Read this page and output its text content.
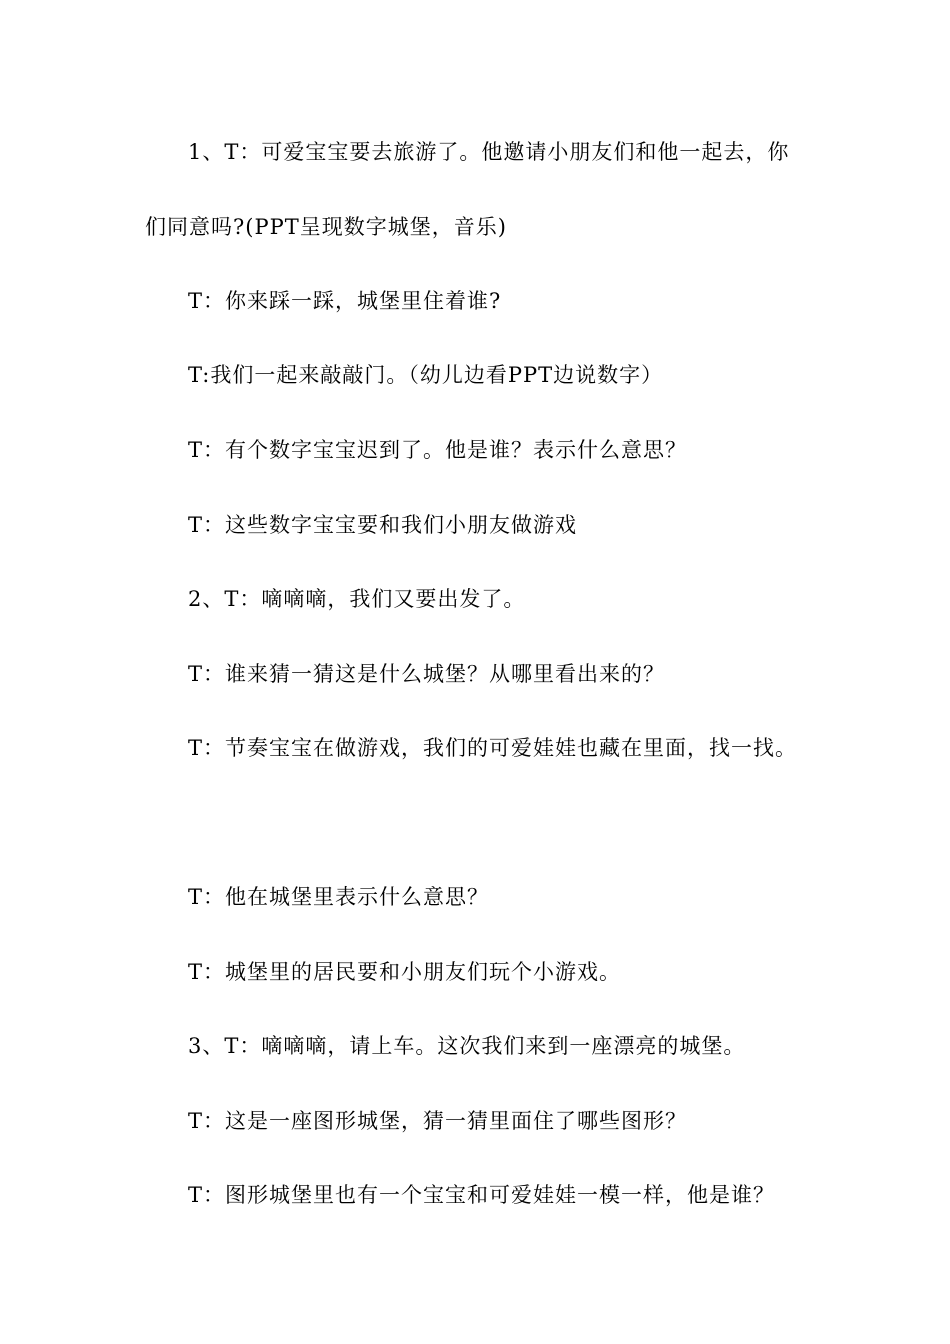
1、T：可爱宝宝要去旅游了。他邀请小朋友们和他一起去，你
们同意吗?(PPT呈现数字城堡，音乐)
T：你来踩一踩，城堡里住着谁?
T:我们一起来敲敲门。（幼儿边看PPT边说数字）
T：有个数字宝宝迟到了。他是谁？表示什么意思？
T：这些数字宝宝要和我们小朋友做游戏
2、T：嘀嘀嘀，我们又要出发了。
T：谁来猜一猜这是什么城堡？从哪里看出来的？
T：节奏宝宝在做游戏，我们的可爱娃娃也藏在里面，找一找。
T：他在城堡里表示什么意思？
T：城堡里的居民要和小朋友们玩个小游戏。
3、T：嘀嘀嘀，请上车。这次我们来到一座漂亮的城堡。
T：这是一座图形城堡，猜一猜里面住了哪些图形？
T：图形城堡里也有一个宝宝和可爱娃娃一模一样，他是谁？
